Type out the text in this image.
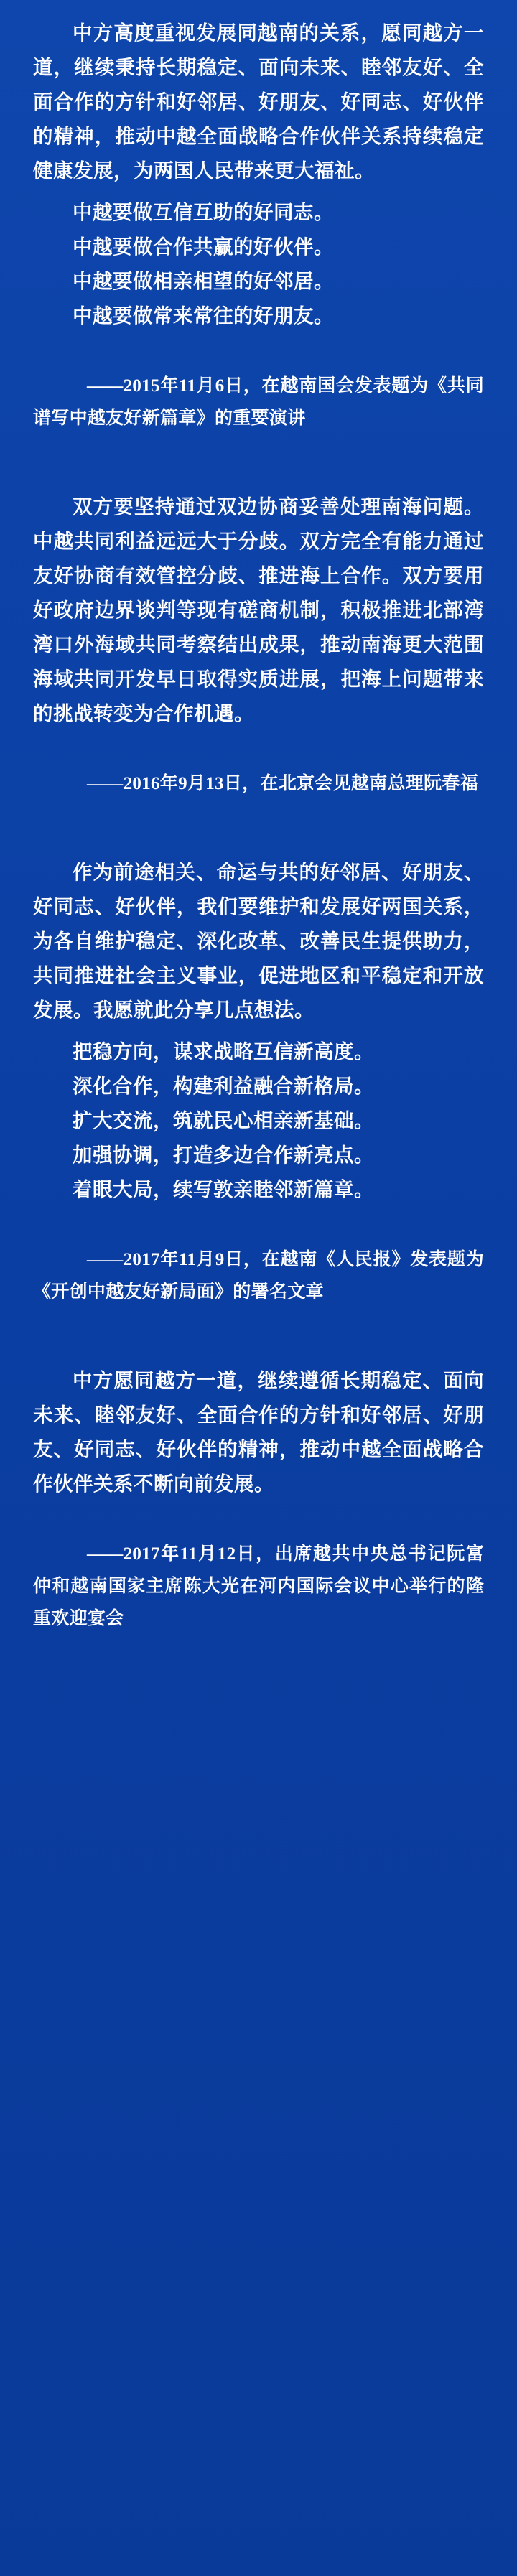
中方高度重视发展同越南的关系，愿同越方一道，继续秉持长期稳定、面向未来、睦邻友好、全面合作的方针和好邻居、好朋友、好同志、好伙伴的精神，推动中越全面战略合作伙伴关系持续稳定健康发展，为两国人民带来更大福祉。

中越要做互信互助的好同志。

中越要做合作共赢的好伙伴。

中越要做相亲相望的好邻居。

中越要做常来常往的好朋友。

——2015年11月6日，在越南国会发表题为《共同谱写中越友好新篇章》的重要演讲

双方要坚持通过双边协商妥善处理南海问题。中越共同利益远远大于分歧。双方完全有能力通过友好协商有效管控分歧、推进海上合作。双方要用好政府边界谈判等现有磋商机制，积极推进北部湾湾口外海域共同考察结出成果，推动南海更大范围海域共同开发早日取得实质进展，把海上问题带来的挑战转变为合作机遇。

——2016年9月13日，在北京会见越南总理阮春福

作为前途相关、命运与共的好邻居、好朋友、好同志、好伙伴，我们要维护和发展好两国关系，为各自维护稳定、深化改革、改善民生提供助力，共同推进社会主义事业，促进地区和平稳定和开放发展。我愿就此分享几点想法。

把稳方向，谋求战略互信新高度。

深化合作，构建利益融合新格局。

扩大交流，筑就民心相亲新基础。

加强协调，打造多边合作新亮点。

着眼大局，续写敦亲睦邻新篇章。

——2017年11月9日，在越南《人民报》发表题为《开创中越友好新局面》的署名文章

中方愿同越方一道，继续遵循长期稳定、面向未来、睦邻友好、全面合作的方针和好邻居、好朋友、好同志、好伙伴的精神，推动中越全面战略合作伙伴关系不断向前发展。

——2017年11月12日，出席越共中央总书记阮富仲和越南国家主席陈大光在河内国际会议中心举行的隆重欢迎宴会
